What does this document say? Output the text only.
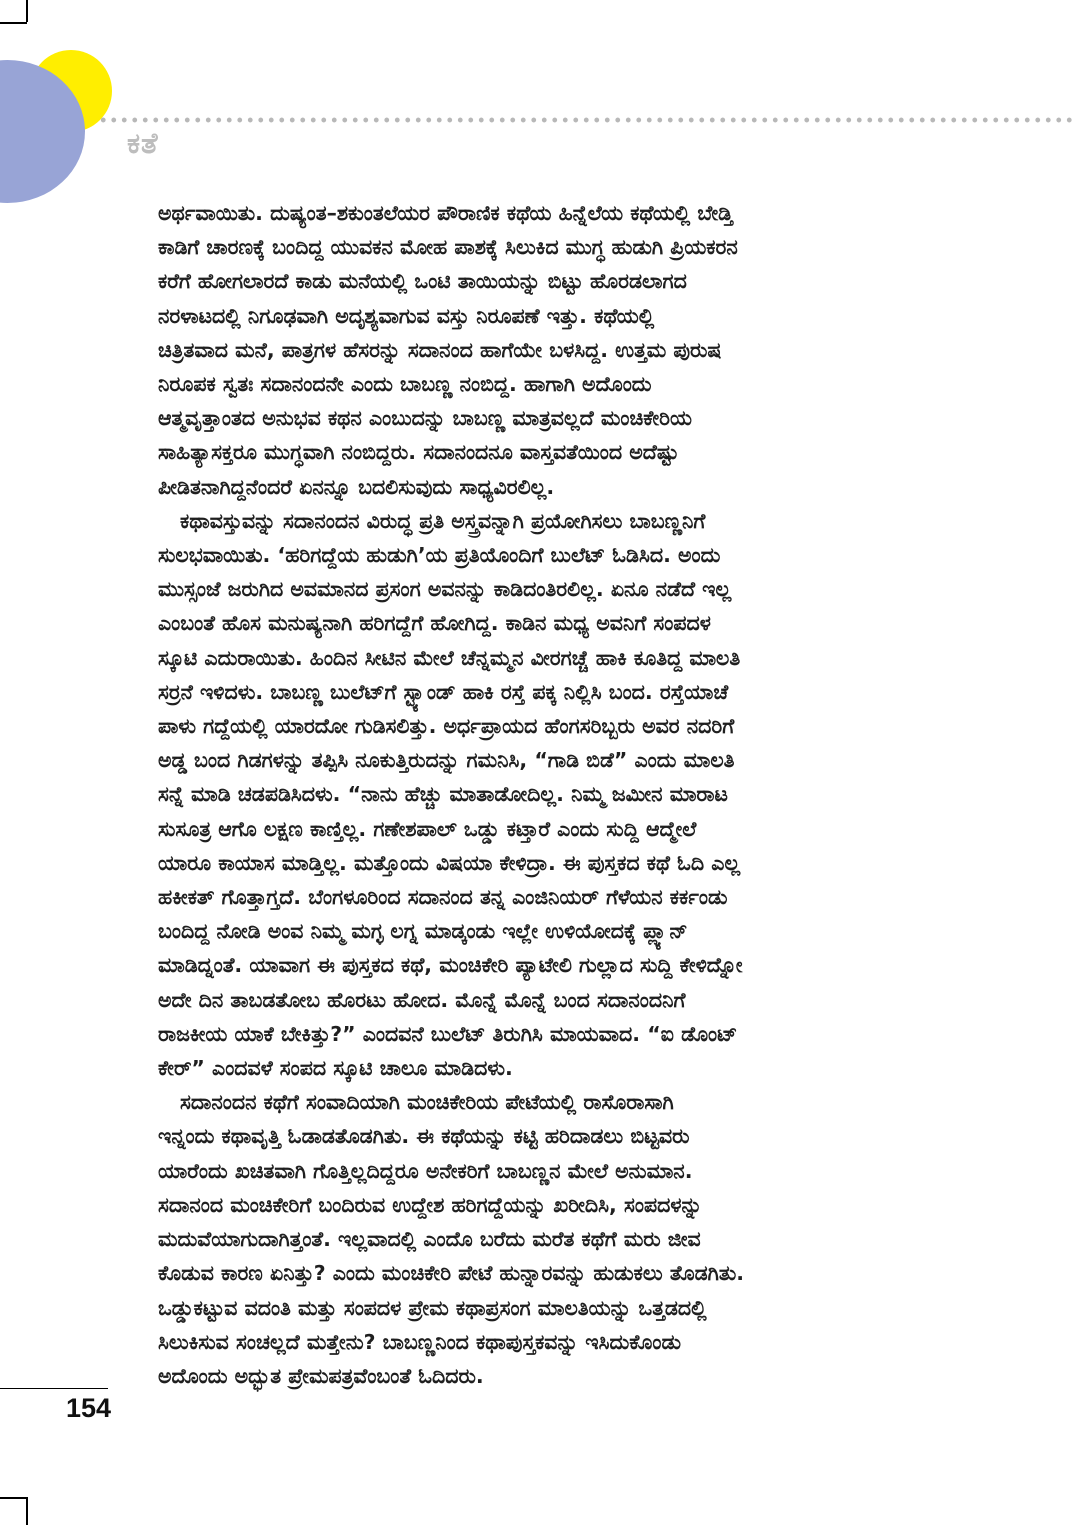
ಕತೆ
ಅರ್ಥವಾಯಿತು. ದುಷ್ಯಂತ–ಶಕುಂತಲೆಯರ ಪೌರಾಣಿಕ ಕಥೆಯ ಹಿನ್ನೆಲೆಯ ಕಥೆಯಲ್ಲಿ ಬೇಡ್ತಿ
ಕಾಡಿಗೆ ಚಾರಣಕ್ಕೆ ಬಂದಿದ್ದ ಯುವಕನ ಮೋಹ ಪಾಶಕ್ಕೆ ಸಿಲುಕಿದ ಮುಗ್ಧ ಹುಡುಗಿ ಪ್ರಿಯಕರನ
ಕರೆಗೆ ಹೋಗಲಾರದೆ ಕಾಡು ಮನೆಯಲ್ಲಿ ಒಂಟಿ ತಾಯಿಯನ್ನು ಬಿಟ್ಟು ಹೊರಡಲಾಗದ
ನರಳಾಟದಲ್ಲಿ ನಿಗೂಢವಾಗಿ ಅದೃಶ್ಯವಾಗುವ ವಸ್ತು ನಿರೂಪಣೆ ಇತ್ತು. ಕಥೆಯಲ್ಲಿ
ಚಿತ್ರಿತವಾದ ಮನೆ, ಪಾತ್ರಗಳ ಹೆಸರನ್ನು ಸದಾನಂದ ಹಾಗೆಯೇ ಬಳಸಿದ್ದ. ಉತ್ತಮ ಪುರುಷ
ನಿರೂಪಕ ಸ್ವತಃ ಸದಾನಂದನೇ ಎಂದು ಬಾಬಣ್ಣ ನಂಬಿದ್ದ. ಹಾಗಾಗಿ ಅದೊಂದು
ಆತ್ಮವೃತ್ತಾಂತದ ಅನುಭವ ಕಥನ ಎಂಬುದನ್ನು ಬಾಬಣ್ಣ ಮಾತ್ರವಲ್ಲದೆ ಮಂಚಿಕೇರಿಯ
ಸಾಹಿತ್ಯಾಸಕ್ತರೂ ಮುಗ್ಧವಾಗಿ ನಂಬಿದ್ದರು. ಸದಾನಂದನೂ ವಾಸ್ತವತೆಯಿಂದ ಅದೆಷ್ಟು
ಪೀಡಿತನಾಗಿದ್ದನೆಂದರೆ ಏನನ್ನೂ ಬದಲಿಸುವುದು ಸಾಧ್ಯವಿರಲಿಲ್ಲ.
ಕಥಾವಸ್ತುವನ್ನು ಸದಾನಂದನ ವಿರುದ್ಧ ಪ್ರತಿ ಅಸ್ತ್ರವನ್ನಾಗಿ ಪ್ರಯೋಗಿಸಲು ಬಾಬಣ್ಣನಿಗೆ
ಸುಲಭವಾಯಿತು. ‘ಹರಿಗದ್ದೆಯ ಹುಡುಗಿ’ಯ ಪ್ರತಿಯೊಂದಿಗೆ ಬುಲೆಟ್ ಓಡಿಸಿದ. ಅಂದು
ಮುಸ್ಸಂಜೆ ಜರುಗಿದ ಅವಮಾನದ ಪ್ರಸಂಗ ಅವನನ್ನು ಕಾಡಿದಂತಿರಲಿಲ್ಲ. ಏನೂ ನಡೆದೆ ಇಲ್ಲ
ಎಂಬಂತೆ ಹೊಸ ಮನುಷ್ಯನಾಗಿ ಹರಿಗದ್ದೆಗೆ ಹೋಗಿದ್ದ. ಕಾಡಿನ ಮಧ್ಯ ಅವನಿಗೆ ಸಂಪದಳ
ಸ್ಕೂಟಿ ಎದುರಾಯಿತು. ಹಿಂದಿನ ಸೀಟಿನ ಮೇಲೆ ಚೆನ್ನಮ್ಮನ ವೀರಗಚ್ಚೆ ಹಾಕಿ ಕೂತಿದ್ದ ಮಾಲತಿ
ಸರ್ರನೆ ಇಳಿದಳು. ಬಾಬಣ್ಣ ಬುಲೆಟ್‌ಗೆ ಸ್ಟ್ಯಾಂಡ್ ಹಾಕಿ ರಸ್ತೆ ಪಕ್ಕ ನಿಲ್ಲಿಸಿ ಬಂದ. ರಸ್ತೆಯಾಚೆ
ಪಾಳು ಗದ್ದೆಯಲ್ಲಿ ಯಾರದೋ ಗುಡಿಸಲಿತ್ತು. ಅರ್ಧಪ್ರಾಯದ ಹೆಂಗಸರಿಬ್ಬರು ಅವರ ನದರಿಗೆ
ಅಡ್ಡ ಬಂದ ಗಿಡಗಳನ್ನು ತಪ್ಪಿಸಿ ನೂಕುತ್ತಿರುದನ್ನು ಗಮನಿಸಿ, “ಗಾಡಿ ಬಿಡೆ” ಎಂದು ಮಾಲತಿ
ಸನ್ನೆ ಮಾಡಿ ಚಡಪಡಿಸಿದಳು. “ನಾನು ಹೆಚ್ಚು ಮಾತಾಡೋದಿಲ್ಲ. ನಿಮ್ಮ ಜಮೀನ ಮಾರಾಟ
ಸುಸೂತ್ರ ಆಗೊ ಲಕ್ಷಣ ಕಾಣ್ತಿಲ್ಲ. ಗಣೇಶಪಾಲ್ ಒಡ್ಡು ಕಟ್ತಾರೆ ಎಂದು ಸುದ್ದಿ ಆದ್ಮೇಲೆ
ಯಾರೂ ಕಾಯಾಸ ಮಾಡ್ತಿಲ್ಲ. ಮತ್ತೊಂದು ವಿಷಯಾ ಕೇಳಿದ್ರಾ. ಈ ಪುಸ್ತಕದ ಕಥೆ ಓದಿ ಎಲ್ಲ
ಹಕೀಕತ್ ಗೊತ್ತಾಗ್ತದೆ. ಬೆಂಗಳೂರಿಂದ ಸದಾನಂದ ತನ್ನ ಎಂಜಿನಿಯರ್ ಗೆಳೆಯನ ಕರ್ಕಂಡು
ಬಂದಿದ್ದ ನೋಡಿ ಅಂವ ನಿಮ್ಮ ಮಗ್ಳ ಲಗ್ನ ಮಾಡ್ಕಂಡು ಇಲ್ಲೇ ಉಳಿಯೋದಕ್ಕೆ ಪ್ಲ್ಯಾನ್
ಮಾಡಿದ್ನಂತೆ. ಯಾವಾಗ ಈ ಪುಸ್ತಕದ ಕಥೆ, ಮಂಚಿಕೇರಿ ಪ್ಯಾಟೇಲಿ ಗುಲ್ಲಾದ ಸುದ್ದಿ ಕೇಳಿದ್ನೋ
ಅದೇ ದಿನ ತಾಬಡತೋಬ ಹೊರಟು ಹೋದ. ಮೊನ್ನೆ ಮೊನ್ನೆ ಬಂದ ಸದಾನಂದನಿಗೆ
ರಾಜಕೀಯ ಯಾಕೆ ಬೇಕಿತ್ತು?” ಎಂದವನೆ ಬುಲೆಟ್ ತಿರುಗಿಸಿ ಮಾಯವಾದ. “ಐ ಡೊಂಟ್
ಕೇರ್” ಎಂದವಳೆ ಸಂಪದ ಸ್ಕೂಟಿ ಚಾಲೂ ಮಾಡಿದಳು.
ಸದಾನಂದನ ಕಥೆಗೆ ಸಂವಾದಿಯಾಗಿ ಮಂಚಿಕೇರಿಯ ಪೇಟೆಯಲ್ಲಿ ರಾಸೊರಾಸಾಗಿ
ಇನ್ನಂದು ಕಥಾವೃತ್ತಿ ಓಡಾಡತೊಡಗಿತು. ಈ ಕಥೆಯನ್ನು ಕಟ್ಟಿ ಹರಿದಾಡಲು ಬಿಟ್ಟವರು
ಯಾರೆಂದು ಖಚಿತವಾಗಿ ಗೊತ್ತಿಲ್ಲದಿದ್ದರೂ ಅನೇಕರಿಗೆ ಬಾಬಣ್ಣನ ಮೇಲೆ ಅನುಮಾನ.
ಸದಾನಂದ ಮಂಚಿಕೇರಿಗೆ ಬಂದಿರುವ ಉದ್ದೇಶ ಹರಿಗದ್ದೆಯನ್ನು ಖರೀದಿಸಿ, ಸಂಪದಳನ್ನು
ಮದುವೆಯಾಗುದಾಗಿತ್ತಂತೆ. ಇಲ್ಲವಾದಲ್ಲಿ ಎಂದೊ ಬರೆದು ಮರೆತ ಕಥೆಗೆ ಮರು ಜೀವ
ಕೊಡುವ ಕಾರಣ ಏನಿತ್ತು? ಎಂದು ಮಂಚಿಕೇರಿ ಪೇಟೆ ಹುನ್ನಾರವನ್ನು ಹುಡುಕಲು ತೊಡಗಿತು.
ಒಡ್ಡುಕಟ್ಟುವ ವದಂತಿ ಮತ್ತು ಸಂಪದಳ ಪ್ರೇಮ ಕಥಾಪ್ರಸಂಗ ಮಾಲತಿಯನ್ನು ಒತ್ತಡದಲ್ಲಿ
ಸಿಲುಕಿಸುವ ಸಂಚಲ್ಲದೆ ಮತ್ತೇನು? ಬಾಬಣ್ಣನಿಂದ ಕಥಾಪುಸ್ತಕವನ್ನು ಇಸಿದುಕೊಂಡು
ಅದೊಂದು ಅದ್ಭುತ ಪ್ರೇಮಪತ್ರವೆಂಬಂತೆ ಓದಿದರು.
154
